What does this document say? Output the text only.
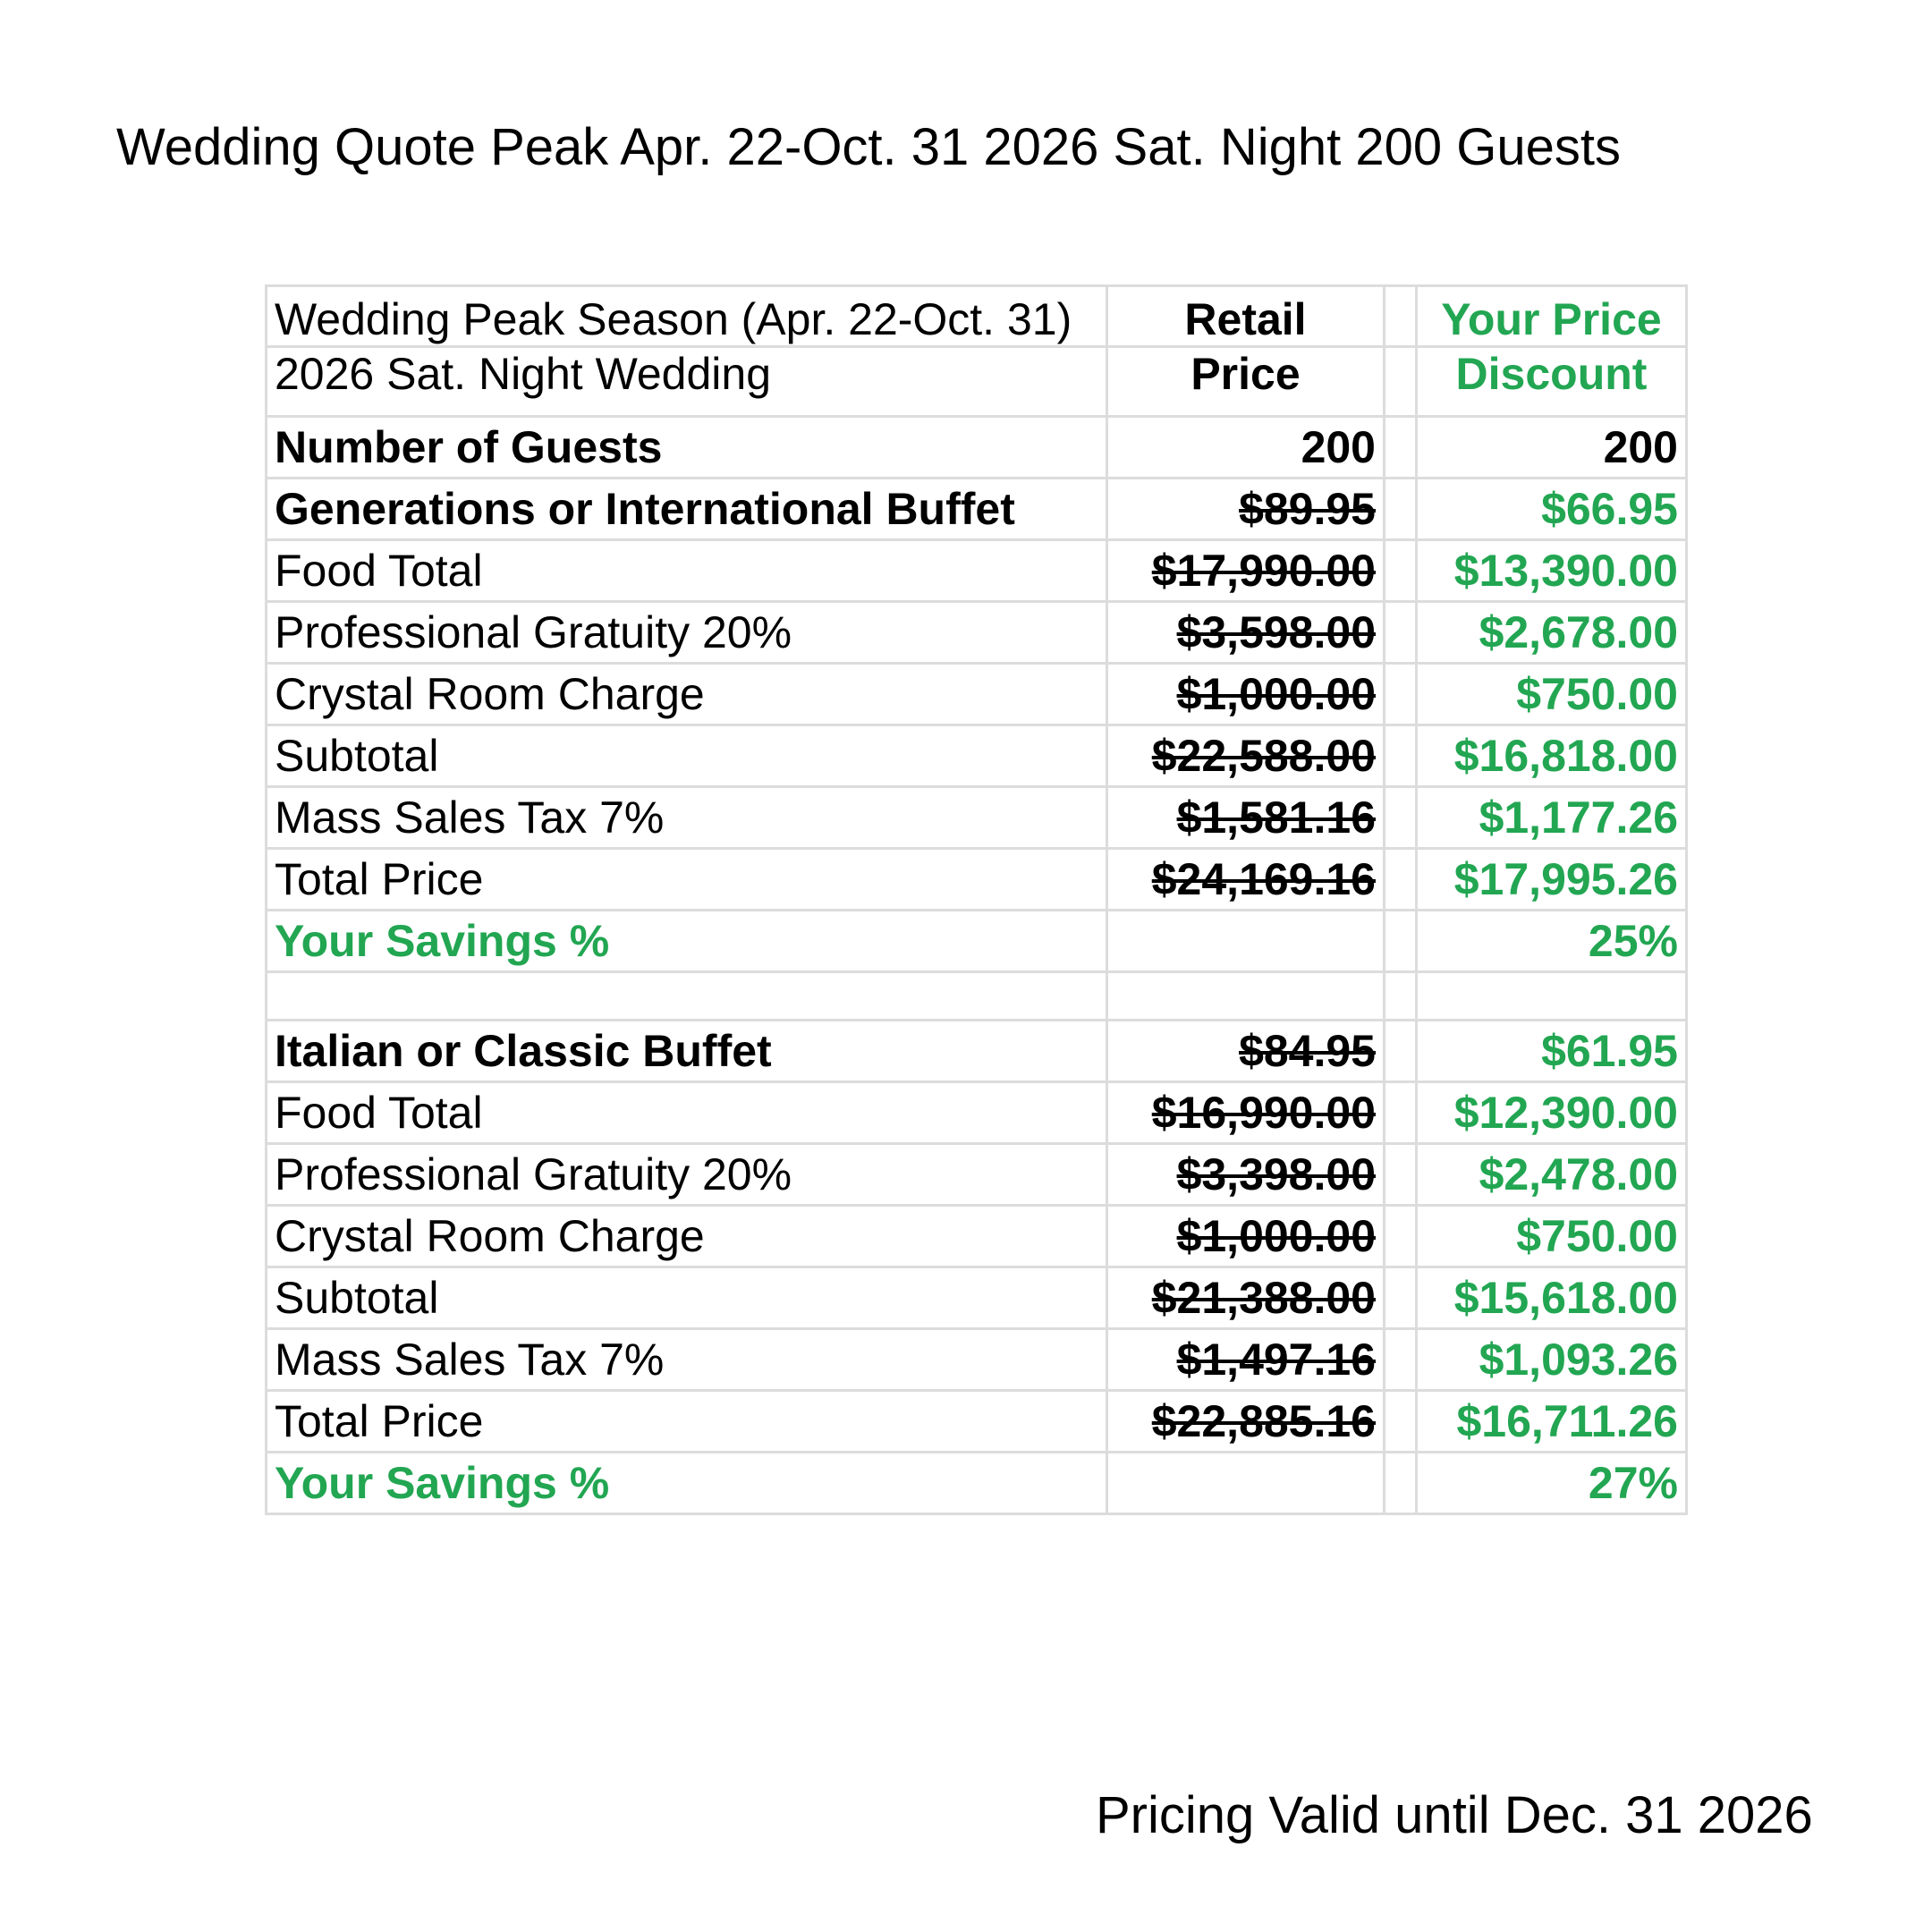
Wedding Quote Peak Apr. 22-Oct. 31 2026 Sat. Night 200 Guests
Wedding Peak Season (Apr. 22-Oct. 31)	Retail		Your Price
2026 Sat. Night Wedding	Price		Discount
Number of Guests	200		200
Generations or International Buffet	$89.95		$66.95
Food Total	$17,990.00		$13,390.00
Professional Gratuity 20%	$3,598.00		$2,678.00
Crystal Room Charge	$1,000.00		$750.00
Subtotal	$22,588.00		$16,818.00
Mass Sales Tax 7%	$1,581.16		$1,177.26
Total Price	$24,169.16		$17,995.26
Your Savings %			25%

Italian or Classic Buffet	$84.95		$61.95
Food Total	$16,990.00		$12,390.00
Professional Gratuity 20%	$3,398.00		$2,478.00
Crystal Room Charge	$1,000.00		$750.00
Subtotal	$21,388.00		$15,618.00
Mass Sales Tax 7%	$1,497.16		$1,093.26
Total Price	$22,885.16		$16,711.26
Your Savings %			27%
Pricing Valid until Dec. 31 2026
